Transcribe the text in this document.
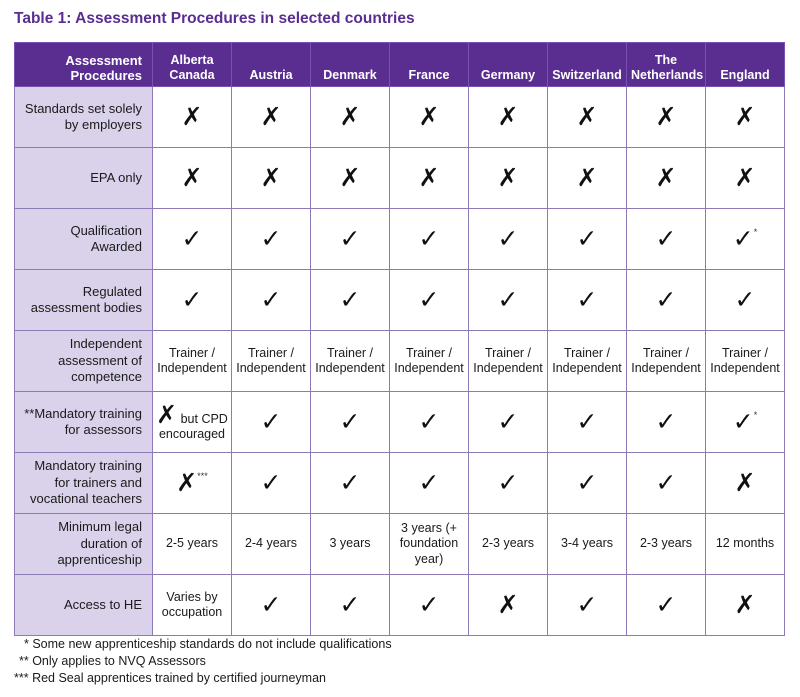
Table 1: Assessment Procedures in selected countries
Assessment Procedures	Alberta Canada	Austria	Denmark	France	Germany	Switzerland	The Netherlands	England
Standards set solely by employers	✗	✗	✗	✗	✗	✗	✗	✗
EPA only	✗	✗	✗	✗	✗	✗	✗	✗
Qualification Awarded	✓	✓	✓	✓	✓	✓	✓	✓*
Regulated assessment bodies	✓	✓	✓	✓	✓	✓	✓	✓
Independent assessment of competence	Trainer / Independent	Trainer / Independent	Trainer / Independent	Trainer / Independent	Trainer / Independent	Trainer / Independent	Trainer / Independent	Trainer / Independent
**Mandatory training for assessors	✗ but CPD encouraged	✓	✓	✓	✓	✓	✓	✓*
Mandatory training for trainers and vocational teachers	✗***	✓	✓	✓	✓	✓	✓	✗
Minimum legal duration of apprenticeship	2-5 years	2-4 years	3 years	3 years (+ foundation year)	2-3 years	3-4 years	2-3 years	12 months
Access to HE	Varies by occupation	✓	✓	✓	✗	✓	✓	✗
* Some new apprenticeship standards do not include qualifications
** Only applies to NVQ Assessors
*** Red Seal apprentices trained by certified journeyman
